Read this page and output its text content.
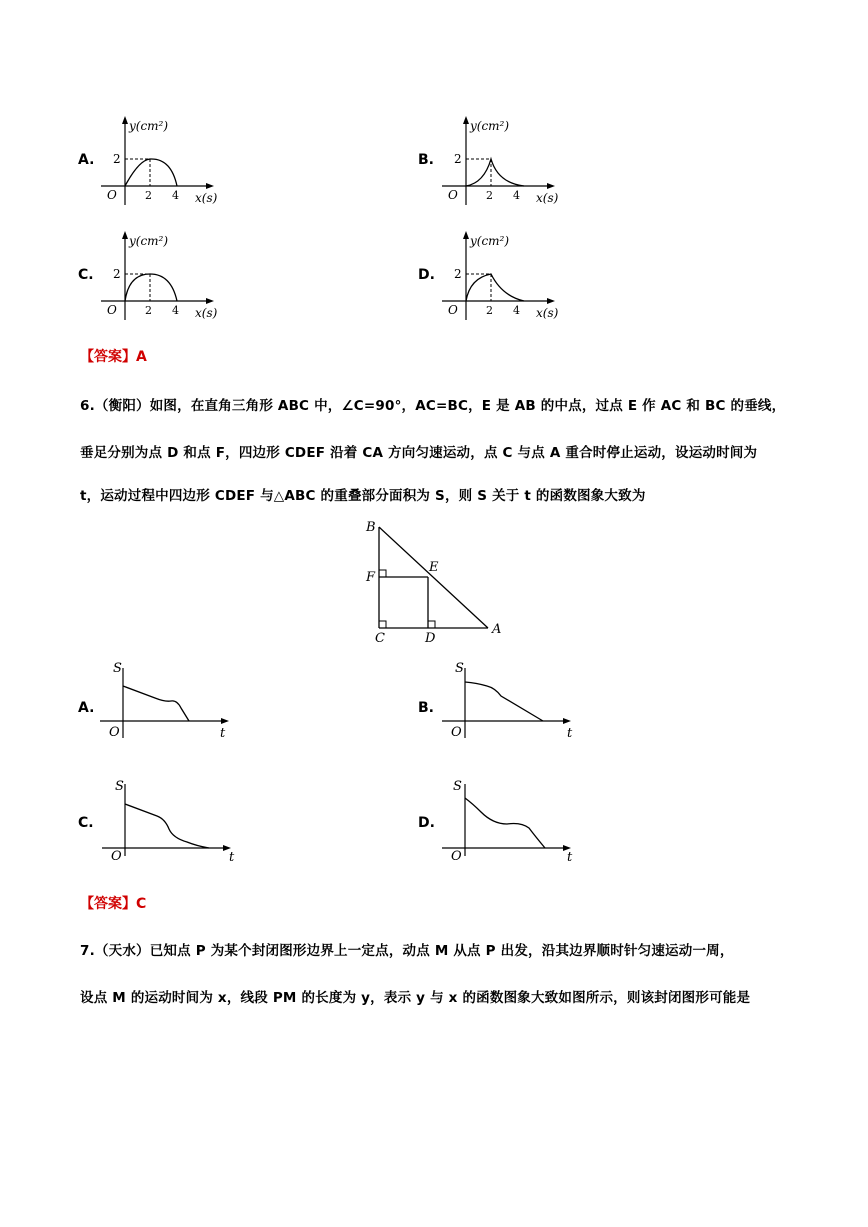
A.
y(cm²)
2
O	2 4 x(s)
B.
y(cm²)
2
O	2 4 x(s)
C.
y(cm²)
2
O	2 4 x(s)
D.
y(cm²)
2
O	2 4 x(s)
【答案】A
6.（衡阳）如图，在直角三角形 ABC 中，∠C=90°，AC=BC，E 是 AB 的中点，过点 E 作 AC 和 BC 的垂线，
垂足分别为点 D 和点 F，四边形 CDEF 沿着 CA 方向匀速运动，点 C 与点 A 重合时停止运动，设运动时间为
t，运动过程中四边形 CDEF 与△ABC 的重叠部分面积为 S，则 S 关于 t 的函数图象大致为
B
F
E
C	D
A
A.
S
O	t
B.
S
O	t
C.
S
O	t
D.
S
O	t
【答案】C
7.（天水）已知点 P 为某个封闭图形边界上一定点，动点 M 从点 P 出发，沿其边界顺时针匀速运动一周，
设点 M 的运动时间为 x，线段 PM 的长度为 y，表示 y 与 x 的函数图象大致如图所示，则该封闭图形可能是
